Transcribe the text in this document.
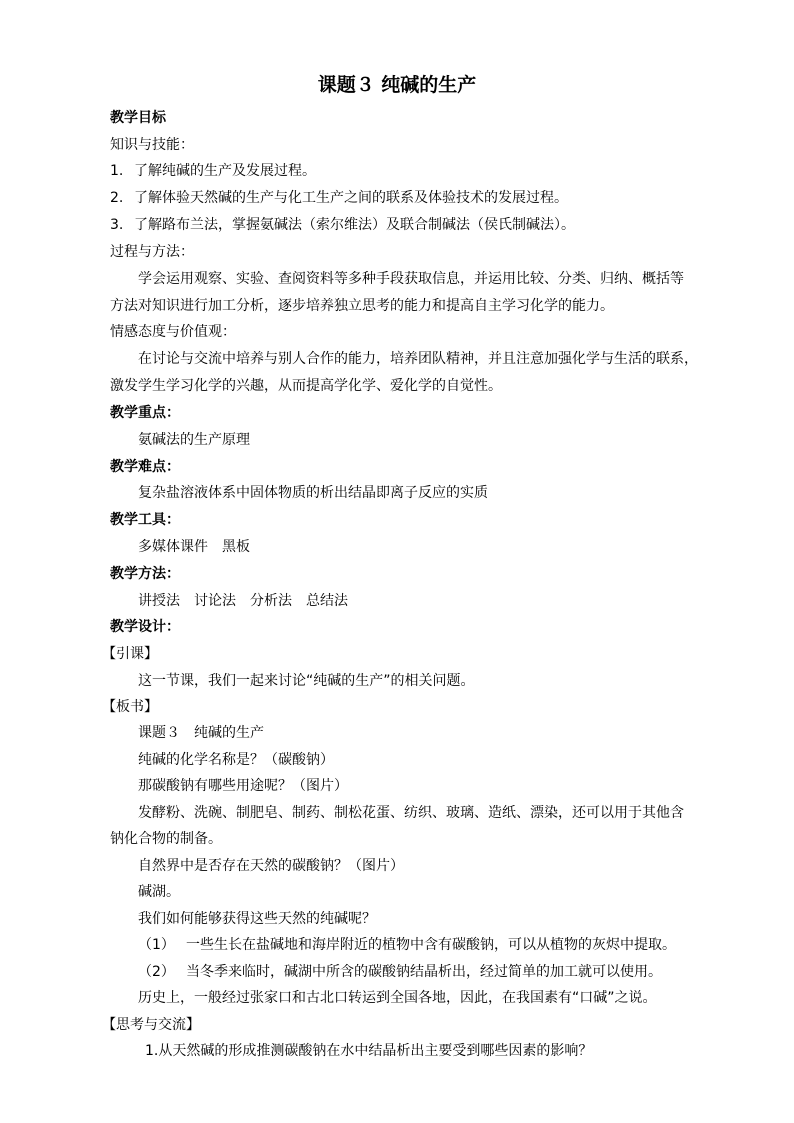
课题３ 纯碱的生产
教学目标
知识与技能：
1. 了解纯碱的生产及发展过程。
2. 了解体验天然碱的生产与化工生产之间的联系及体验技术的发展过程。
3. 了解路布兰法，掌握氨碱法（索尔维法）及联合制碱法（侯氏制碱法）。
过程与方法：
学会运用观察、实验、查阅资料等多种手段获取信息，并运用比较、分类、归纳、概括等
方法对知识进行加工分析，逐步培养独立思考的能力和提高自主学习化学的能力。
情感态度与价值观：
在讨论与交流中培养与别人合作的能力，培养团队精神，并且注意加强化学与生活的联系，
激发学生学习化学的兴趣，从而提高学化学、爱化学的自觉性。
教学重点：
氨碱法的生产原理
教学难点：
复杂盐溶液体系中固体物质的析出结晶即离子反应的实质
教学工具：
多媒体课件 黑板
教学方法：
讲授法 讨论法 分析法 总结法
教学设计：
【引课】
这一节课，我们一起来讨论“纯碱的生产”的相关问题。
【板书】
课题３ 纯碱的生产
纯碱的化学名称是？（碳酸钠）
那碳酸钠有哪些用途呢？（图片）
发酵粉、洗碗、制肥皂、制药、制松花蛋、纺织、玻璃、造纸、漂染，还可以用于其他含
钠化合物的制备。
自然界中是否存在天然的碳酸钠？（图片）
碱湖。
我们如何能够获得这些天然的纯碱呢？
（1） 一些生长在盐碱地和海岸附近的植物中含有碳酸钠，可以从植物的灰烬中提取。
（2） 当冬季来临时，碱湖中所含的碳酸钠结晶析出，经过简单的加工就可以使用。
历史上，一般经过张家口和古北口转运到全国各地，因此，在我国素有“口碱”之说。
【思考与交流】
1.从天然碱的形成推测碳酸钠在水中结晶析出主要受到哪些因素的影响？
